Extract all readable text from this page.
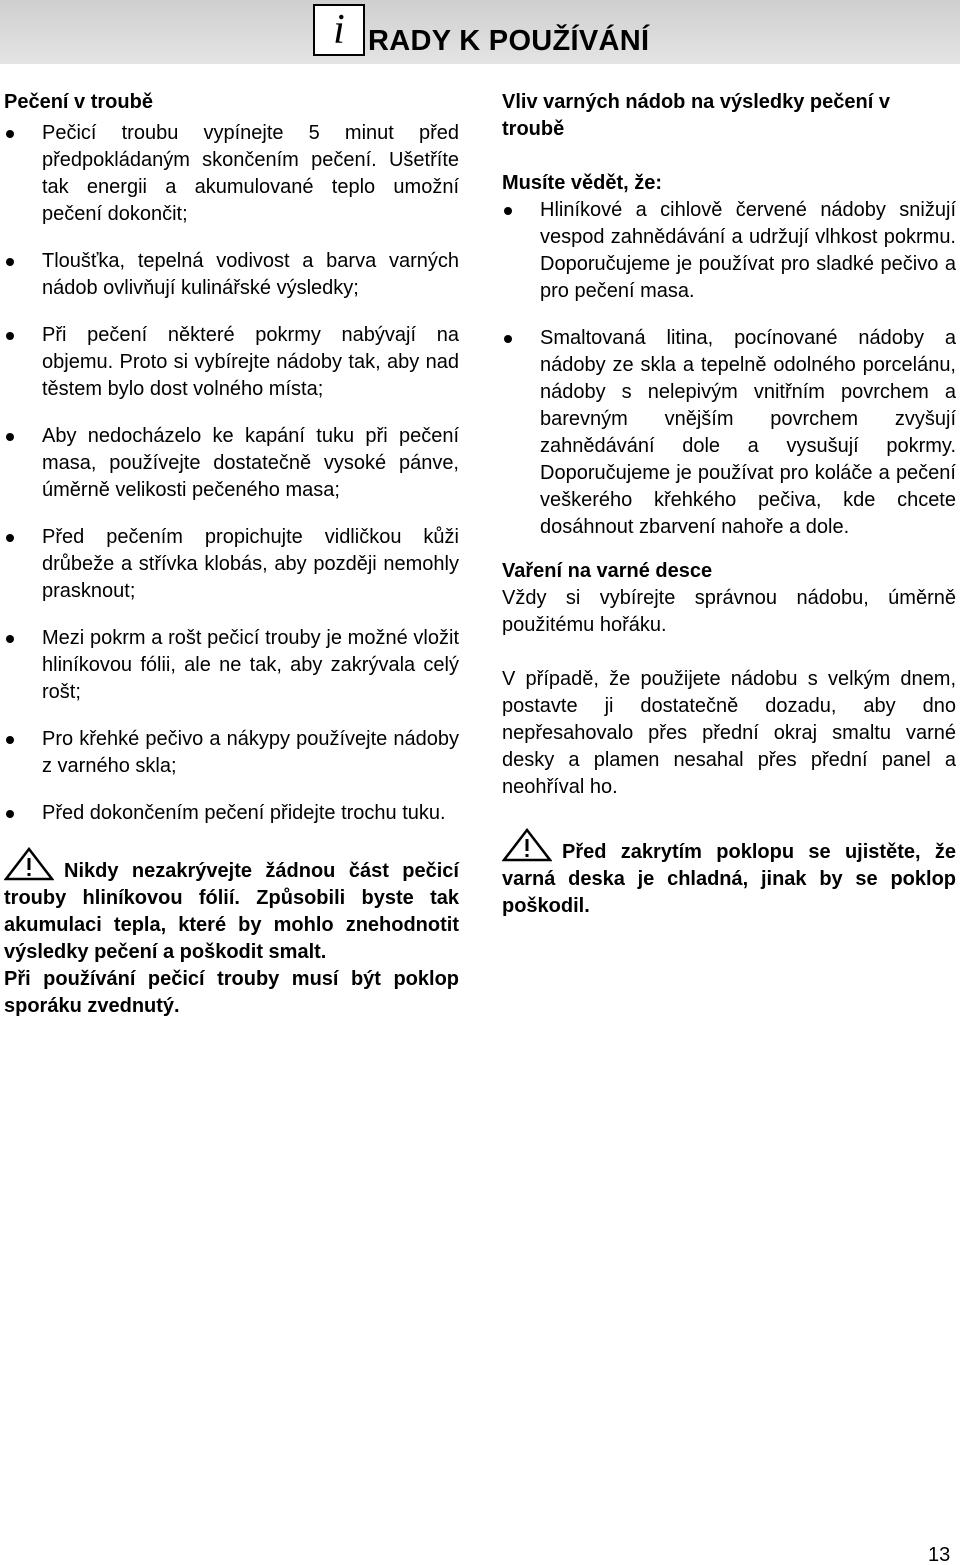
i RADY K POUŽÍVÁNÍ
Pečení v troubě
Pečicí troubu vypínejte 5 minut před předpokládaným skončením pečení. Ušetříte tak energii a akumulované teplo umožní pečení dokončit;
Tloušťka, tepelná vodivost a barva varných nádob ovlivňují kulinářské výsledky;
Při pečení některé pokrmy nabývají na objemu. Proto si vybírejte nádoby tak, aby nad těstem bylo dost volného místa;
Aby nedocházelo ke kapání tuku při pečení masa, používejte dostatečně vysoké pánve, úměrně velikosti pečeného masa;
Před pečením propichujte vidličkou kůži drůbeže a střívka klobás, aby později nemohly prasknout;
Mezi pokrm a rošt pečicí trouby je možné vložit hliníkovou fólii, ale ne tak, aby zakrývala celý rošt;
Pro křehké pečivo a nákypy používejte nádoby z varného skla;
Před dokončením pečení přidejte trochu tuku.
Nikdy nezakrývejte žádnou část pečicí trouby hliníkovou fólií. Způsobili byste tak akumulaci tepla, které by mohlo znehodnotit výsledky pečení a poškodit smalt.
Při používání pečicí trouby musí být poklop sporáku zvednutý.
Vliv varných nádob na výsledky pečení v troubě
Musíte vědět, že:
Hliníkové a cihlově červené nádoby snižují vespod zahnědávání a udržují vlhkost pokrmu. Doporučujeme je používat pro sladké pečivo a pro pečení masa.
Smaltovaná litina, pocínované nádoby a nádoby ze skla a tepelně odolného porcelánu, nádoby s nelepivým vnitřním povrchem a barevným vnějším povrchem zvyšují zahnědávání dole a vysušují pokrmy. Doporučujeme je používat pro koláče a pečení veškerého křehkého pečiva, kde chcete dosáhnout zbarvení nahoře a dole.
Vaření na varné desce
Vždy si vybírejte správnou nádobu, úměrně použitému hořáku.
V případě, že použijete nádobu s velkým dnem, postavte ji dostatečně dozadu, aby dno nepřesahovalo přes přední okraj smaltu varné desky a plamen nesahal přes přední panel a neohříval ho.
Před zakrytím poklopu se ujistěte, že varná deska je chladná, jinak by se poklop poškodil.
13
